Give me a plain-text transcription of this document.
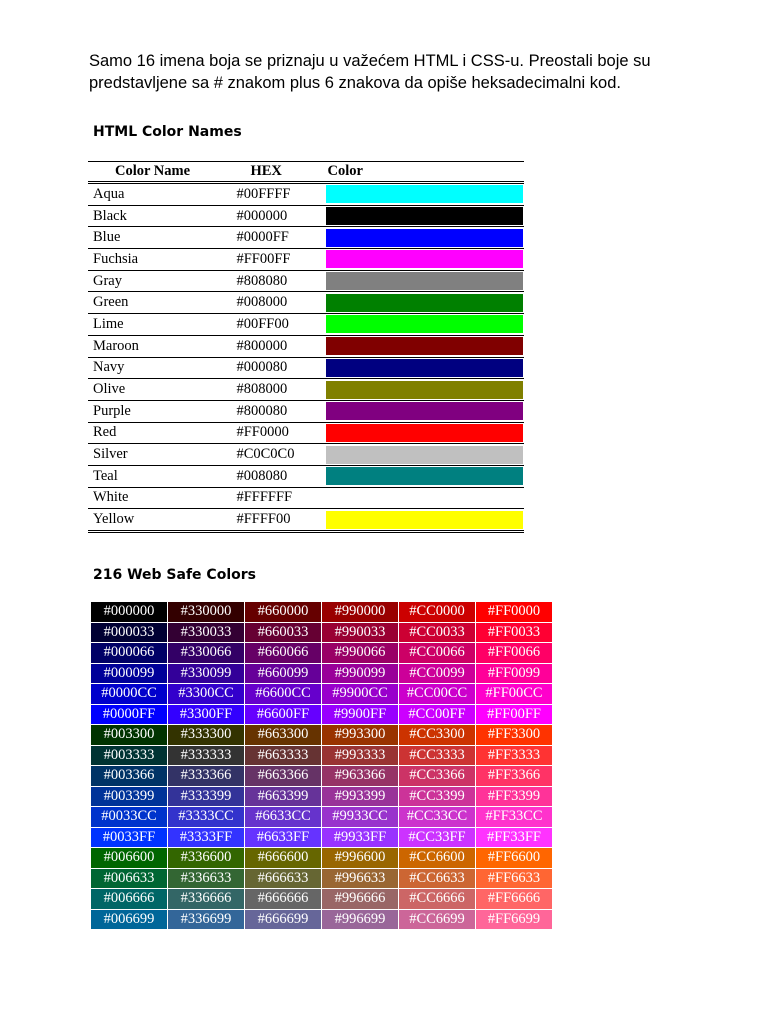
Samo 16 imena boja se priznaju u važećem HTML i CSS-u. Preostali boje su predstavljene sa # znakom plus 6 znakova da opiše heksadecimalni kod.

HTML Color Names
Color Name	HEX	Color
Aqua	#00FFFF	

Black	#000000	

Blue	#0000FF	

Fuchsia	#FF00FF	

Gray	#808080	

Green	#008000	

Lime	#00FF00	

Maroon	#800000	

Navy	#000080	

Olive	#808000	

Purple	#800080	

Red	#FF0000	

Silver	#C0C0C0	

Teal	#008080	

White	#FFFFFF	

Yellow	#FFFF00	
216 Web Safe Colors
#000000	#330000	#660000	#990000	#CC0000	#FF0000
#000033	#330033	#660033	#990033	#CC0033	#FF0033
#000066	#330066	#660066	#990066	#CC0066	#FF0066
#000099	#330099	#660099	#990099	#CC0099	#FF0099
#0000CC	#3300CC	#6600CC	#9900CC	#CC00CC	#FF00CC
#0000FF	#3300FF	#6600FF	#9900FF	#CC00FF	#FF00FF
#003300	#333300	#663300	#993300	#CC3300	#FF3300
#003333	#333333	#663333	#993333	#CC3333	#FF3333
#003366	#333366	#663366	#963366	#CC3366	#FF3366
#003399	#333399	#663399	#993399	#CC3399	#FF3399
#0033CC	#3333CC	#6633CC	#9933CC	#CC33CC	#FF33CC
#0033FF	#3333FF	#6633FF	#9933FF	#CC33FF	#FF33FF
#006600	#336600	#666600	#996600	#CC6600	#FF6600
#006633	#336633	#666633	#996633	#CC6633	#FF6633
#006666	#336666	#666666	#996666	#CC6666	#FF6666
#006699	#336699	#666699	#996699	#CC6699	#FF6699
